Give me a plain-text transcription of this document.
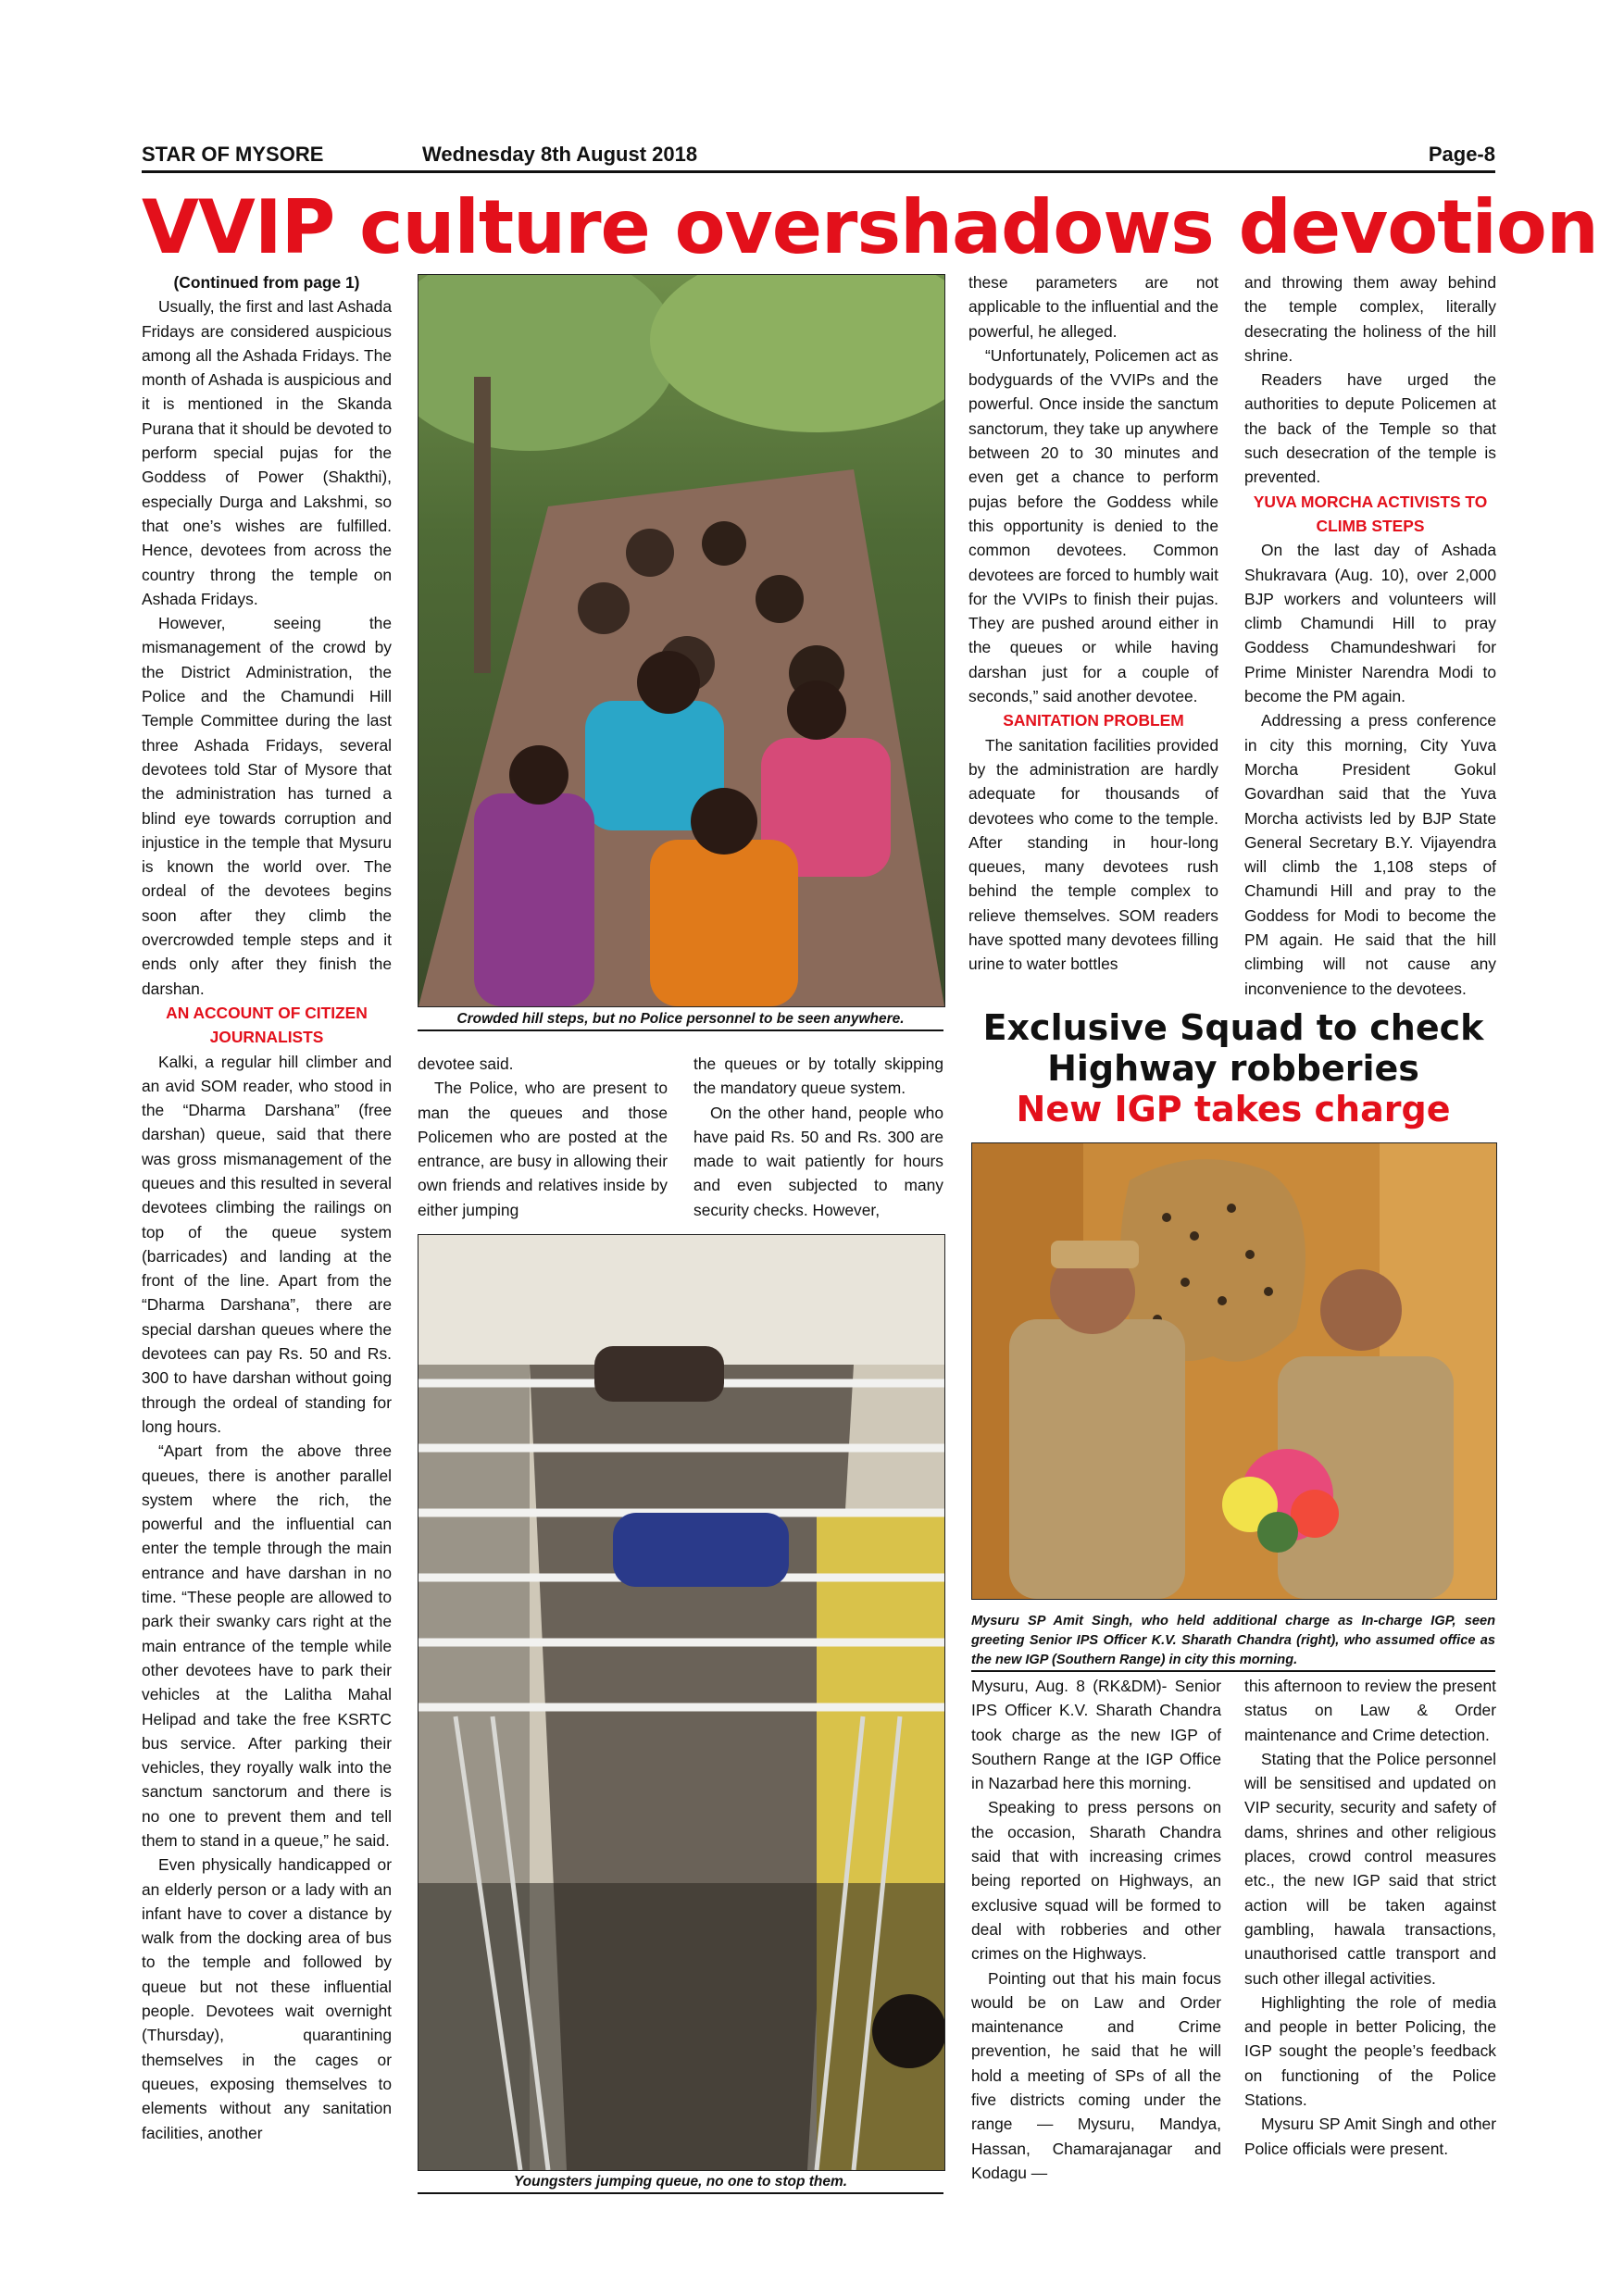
STAR OF MYSORE	Wednesday 8th August 2018	Page-8
VVIP culture overshadows devotion

(Continued from page 1)

Usually, the first and last Ashada Fridays are considered auspicious among all the Ashada Fridays. The month of Ashada is auspicious and it is mentioned in the Skanda Purana that it should be devoted to perform special pujas for the Goddess of Power (Shakthi), especially Durga and Lakshmi, so that one’s wishes are fulfilled. Hence, devotees from across the country throng the temple on Ashada Fridays.

However, seeing the mismanagement of the crowd by the District Administration, the Police and the Chamundi Hill Temple Committee during the last three Ashada Fridays, several devotees told Star of Mysore that the administration has turned a blind eye towards corruption and injustice in the temple that Mysuru is known the world over. The ordeal of the devotees begins soon after they climb the overcrowded temple steps and it ends only after they finish the darshan.

AN ACCOUNT OF CITIZEN JOURNALISTS

Kalki, a regular hill climber and an avid SOM reader, who stood in the “Dharma Darshana” (free darshan) queue, said that there was gross mismanagement of the queues and this resulted in several devotees climbing the railings on top of the queue system (barricades) and landing at the front of the line. Apart from the “Dharma Darshana”, there are special darshan queues where the devotees can pay Rs. 50 and Rs. 300 to have darshan without going through the ordeal of standing for long hours.

“Apart from the above three queues, there is another parallel system where the rich, the powerful and the influential can enter the temple through the main entrance and have darshan in no time. “These people are allowed to park their swanky cars right at the main entrance of the temple while other devotees have to park their vehicles at the Lalitha Mahal Helipad and take the free KSRTC bus service. After parking their vehicles, they royally walk into the sanctum sanctorum and there is no one to prevent them and tell them to stand in a queue,” he said.

Even physically handicapped or an elderly person or a lady with an infant have to cover a distance by walk from the docking area of bus to the temple and followed by queue but not these influential people. Devotees wait overnight (Thursday), quarantining themselves in the cages or queues, exposing themselves to elements without any sanitation facilities, another

Crowded hill steps, but no Police personnel to be seen anywhere.

devotee said.

The Police, who are present to man the queues and those Policemen who are posted at the entrance, are busy in allowing their own friends and relatives inside by either jumping

the queues or by totally skipping the mandatory queue system.

On the other hand, people who have paid Rs. 50 and Rs. 300 are made to wait patiently for hours and even subjected to many security checks. However,

Youngsters jumping queue, no one to stop them.

these parameters are not applicable to the influential and the powerful, he alleged.

“Unfortunately, Policemen act as bodyguards of the VVIPs and the powerful. Once inside the sanctum sanctorum, they take up anywhere between 20 to 30 minutes and even get a chance to perform pujas before the Goddess while this opportunity is denied to the common devotees. Common devotees are forced to humbly wait for the VVIPs to finish their pujas. They are pushed around either in the queues or while having darshan just for a couple of seconds,” said another devotee.

SANITATION PROBLEM

The sanitation facilities provided by the administration are hardly adequate for thousands of devotees who come to the temple. After standing in hour-long queues, many devotees rush behind the temple complex to relieve themselves. SOM readers have spotted many devotees filling urine to water bottles

and throwing them away behind the temple complex, literally desecrating the holiness of the hill shrine.

Readers have urged the authorities to depute Policemen at the back of the Temple so that such desecration of the temple is prevented.

YUVA MORCHA ACTIVISTS TO CLIMB STEPS

On the last day of Ashada Shukravara (Aug. 10), over 2,000 BJP workers and volunteers will climb Chamundi Hill to pray Goddess Chamundeshwari for Prime Minister Narendra Modi to become the PM again.

Addressing a press conference in city this morning, City Yuva Morcha President Gokul Govardhan said that the Yuva Morcha activists led by BJP State General Secretary B.Y. Vijayendra will climb the 1,108 steps of Chamundi Hill and pray to the Goddess for Modi to become the PM again. He said that the hill climbing will not cause any inconvenience to the devotees.

Exclusive Squad to check
Highway robberies
New IGP takes charge
Mysuru SP Amit Singh, who held additional charge as In-charge IGP, seen greeting Senior IPS Officer K.V. Sharath Chandra (right), who assumed office as the new IGP (Southern Range) in city this morning.

Mysuru, Aug. 8 (RK&DM)- Senior IPS Officer K.V. Sharath Chandra took charge as the new IGP of Southern Range at the IGP Office in Nazarbad here this morning.

Speaking to press persons on the occasion, Sharath Chandra said that with increasing crimes being reported on Highways, an exclusive squad will be formed to deal with robberies and other crimes on the Highways.

Pointing out that his main focus would be on Law and Order maintenance and Crime prevention, he said that he will hold a meeting of SPs of all the five districts coming under the range — Mysuru, Mandya, Hassan, Chamarajanagar and Kodagu —

this afternoon to review the present status on Law & Order maintenance and Crime detection.

Stating that the Police personnel will be sensitised and updated on VIP security, security and safety of dams, shrines and other religious places, crowd control measures etc., the new IGP said that strict action will be taken against gambling, hawala transactions, unauthorised cattle transport and such other illegal activities.

Highlighting the role of media and people in better Policing, the IGP sought the people’s feedback on functioning of the Police Stations.

Mysuru SP Amit Singh and other Police officials were present.
